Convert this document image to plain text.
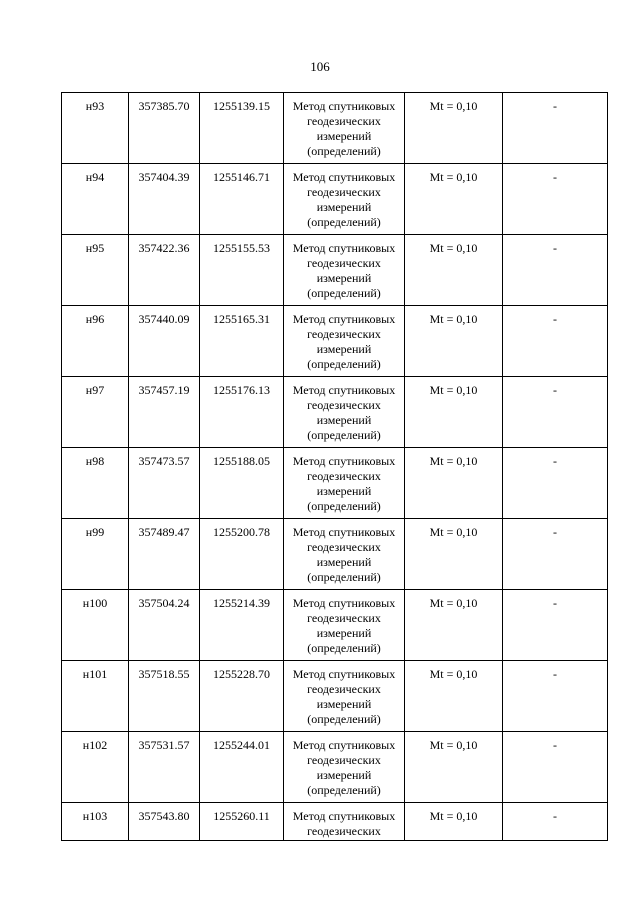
106
н93	357385.70	1255139.15	Метод спутниковых
геодезических
измерений
(определений)	Mt = 0,10	-
н94	357404.39	1255146.71	Метод спутниковых
геодезических
измерений
(определений)	Mt = 0,10	-
н95	357422.36	1255155.53	Метод спутниковых
геодезических
измерений
(определений)	Mt = 0,10	-
н96	357440.09	1255165.31	Метод спутниковых
геодезических
измерений
(определений)	Mt = 0,10	-
н97	357457.19	1255176.13	Метод спутниковых
геодезических
измерений
(определений)	Mt = 0,10	-
н98	357473.57	1255188.05	Метод спутниковых
геодезических
измерений
(определений)	Mt = 0,10	-
н99	357489.47	1255200.78	Метод спутниковых
геодезических
измерений
(определений)	Mt = 0,10	-
н100	357504.24	1255214.39	Метод спутниковых
геодезических
измерений
(определений)	Mt = 0,10	-
н101	357518.55	1255228.70	Метод спутниковых
геодезических
измерений
(определений)	Mt = 0,10	-
н102	357531.57	1255244.01	Метод спутниковых
геодезических
измерений
(определений)	Mt = 0,10	-
н103	357543.80	1255260.11	Метод спутниковых
геодезических	Mt = 0,10	-
